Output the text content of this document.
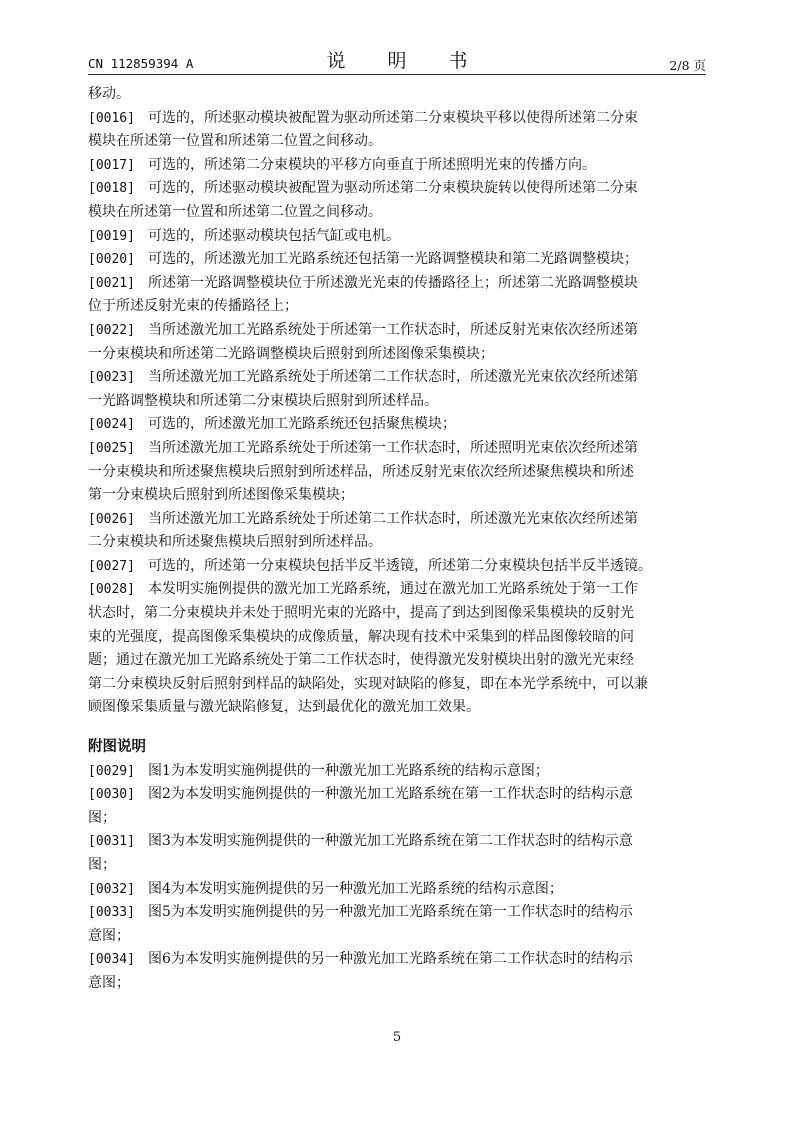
CN 112859394 A	说 明 书	2/8 页

移动。

[0016] 可选的，所述驱动模块被配置为驱动所述第二分束模块平移以使得所述第二分束
模块在所述第一位置和所述第二位置之间移动。
[0017] 可选的，所述第二分束模块的平移方向垂直于所述照明光束的传播方向。
[0018] 可选的，所述驱动模块被配置为驱动所述第二分束模块旋转以使得所述第二分束
模块在所述第一位置和所述第二位置之间移动。
[0019] 可选的，所述驱动模块包括气缸或电机。
[0020] 可选的，所述激光加工光路系统还包括第一光路调整模块和第二光路调整模块；
[0021] 所述第一光路调整模块位于所述激光光束的传播路径上；所述第二光路调整模块
位于所述反射光束的传播路径上；
[0022] 当所述激光加工光路系统处于所述第一工作状态时，所述反射光束依次经所述第
一分束模块和所述第二光路调整模块后照射到所述图像采集模块；
[0023] 当所述激光加工光路系统处于所述第二工作状态时，所述激光光束依次经所述第
一光路调整模块和所述第二分束模块后照射到所述样品。
[0024] 可选的，所述激光加工光路系统还包括聚焦模块；
[0025] 当所述激光加工光路系统处于所述第一工作状态时，所述照明光束依次经所述第
一分束模块和所述聚焦模块后照射到所述样品，所述反射光束依次经所述聚焦模块和所述
第一分束模块后照射到所述图像采集模块；
[0026] 当所述激光加工光路系统处于所述第二工作状态时，所述激光光束依次经所述第
二分束模块和所述聚焦模块后照射到所述样品。
[0027] 可选的，所述第一分束模块包括半反半透镜，所述第二分束模块包括半反半透镜。
[0028] 本发明实施例提供的激光加工光路系统，通过在激光加工光路系统处于第一工作
状态时，第二分束模块并未处于照明光束的光路中，提高了到达到图像采集模块的反射光
束的光强度，提高图像采集模块的成像质量，解决现有技术中采集到的样品图像较暗的问
题；通过在激光加工光路系统处于第二工作状态时，使得激光发射模块出射的激光光束经
第二分束模块反射后照射到样品的缺陷处，实现对缺陷的修复，即在本光学系统中，可以兼
顾图像采集质量与激光缺陷修复，达到最优化的激光加工效果。

附图说明

[0029] 图1为本发明实施例提供的一种激光加工光路系统的结构示意图；
[0030] 图2为本发明实施例提供的一种激光加工光路系统在第一工作状态时的结构示意
图；
[0031] 图3为本发明实施例提供的一种激光加工光路系统在第二工作状态时的结构示意
图；
[0032] 图4为本发明实施例提供的另一种激光加工光路系统的结构示意图；
[0033] 图5为本发明实施例提供的另一种激光加工光路系统在第一工作状态时的结构示
意图；
[0034] 图6为本发明实施例提供的另一种激光加工光路系统在第二工作状态时的结构示
意图；
5
